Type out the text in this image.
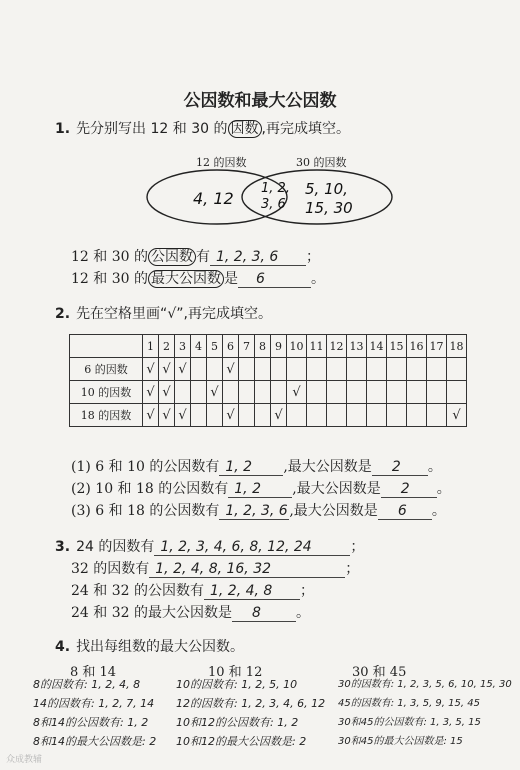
公因数和最大公因数
1. 先分别写出 12 和 30 的 因数 ,再完成填空。
12 的因数	30 的因数
4, 12
1, 2,
3, 6
5, 10,
15, 30
12 和 30 的 公因数 有 1, 2, 3, 6 ；
12 和 30 的 最大公因数 是 6	。
2. 先在空格里画“√”,再完成填空。
	1	2	3	4	5	6	7	8	9	10	11	12	13	14	15	16	17	18
6 的因数	√	√	√			√												
10 的因数	√	√			√					√								
18 的因数	√	√	√			√			√									√
(1) 6 和 10 的公因数有 1, 2 ,最大公因数是 2 。
(2) 10 和 18 的公因数有 1, 2 ,最大公因数是 2 。
(3) 6 和 18 的公因数有 1, 2, 3, 6 ,最大公因数是 6 。
3. 24 的因数有 1, 2, 3, 4, 6, 8, 12, 24	；
32 的因数有 1, 2, 4, 8, 16, 32	；
24 和 32 的公因数有 1, 2, 4, 8 ；
24 和 32 的最大公因数是 8	。
4. 找出每组数的最大公因数。
8 和 14	10 和 12	30 和 45
8的因数有: 1, 2, 4, 8
14的因数有: 1, 2, 7, 14
8和14的公因数有: 1, 2
8和14的最大公因数是: 2
10的因数有: 1, 2, 5, 10
12的因数有: 1, 2, 3, 4, 6, 12
10和12的公因数有: 1, 2
10和12的最大公因数是: 2
30的因数有: 1, 2, 3, 5, 6, 10, 15, 30
45的因数有: 1, 3, 5, 9, 15, 45
30和45的公因数有: 1, 3, 5, 15
30和45的最大公因数是: 15
众成教辅
